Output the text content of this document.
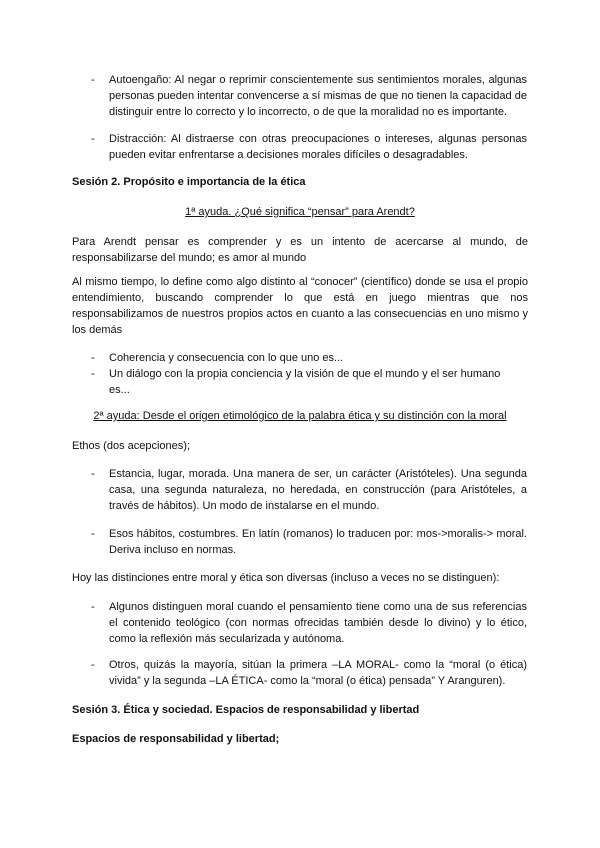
-	Autoengaño: Al negar o reprimir conscientemente sus sentimientos morales, algunas personas pueden intentar convencerse a sí mismas de que no tienen la capacidad de distinguir entre lo correcto y lo incorrecto, o de que la moralidad no es importante.
-	Distracción: Al distraerse con otras preocupaciones o intereses, algunas personas pueden evitar enfrentarse a decisiones morales difíciles o desagradables.
Sesión 2. Propósito e importancia de la ética
1ª ayuda. ¿Qué significa “pensar” para Arendt?
Para Arendt pensar es comprender y es un intento de acercarse al mundo, de responsabilizarse del mundo; es amor al mundo
Al mismo tiempo, lo define como algo distinto al “conocer” (científico) donde se usa el propio entendimiento, buscando comprender lo que está en juego mientras que nos responsabilizamos de nuestros propios actos en cuanto a las consecuencias en uno mismo y los demás
-	Coherencia y consecuencia con lo que uno es...
-	Un diálogo con la propia conciencia y la visión de que el mundo y el ser humano es...
2ª ayuda: Desde el origen etimológico de la palabra ética y su distinción con la moral
Ethos (dos acepciones);
-	Estancia, lugar, morada. Una manera de ser, un carácter (Aristóteles). Una segunda casa, una segunda naturaleza, no heredada, en construcción (para Aristóteles, a través de hábitos). Un modo de instalarse en el mundo.
-	Esos hábitos, costumbres. En latín (romanos) lo traducen por: mos->moralis-> moral. Deriva incluso en normas.
Hoy las distinciones entre moral y ética son diversas (incluso a veces no se distinguen):
-	Algunos distinguen moral cuando el pensamiento tiene como una de sus referencias el contenido teológico (con normas ofrecidas también desde lo divino) y lo ético, como la reflexión más secularizada y autónoma.
-	Otros, quizás la mayoría, sitúan la primera –LA MORAL- como la “moral (o ética) vivida” y la segunda –LA ÉTICA- como la “moral (o ética) pensada” Y Aranguren).
Sesión 3. Ética y sociedad. Espacios de responsabilidad y libertad
Espacios de responsabilidad y libertad;
